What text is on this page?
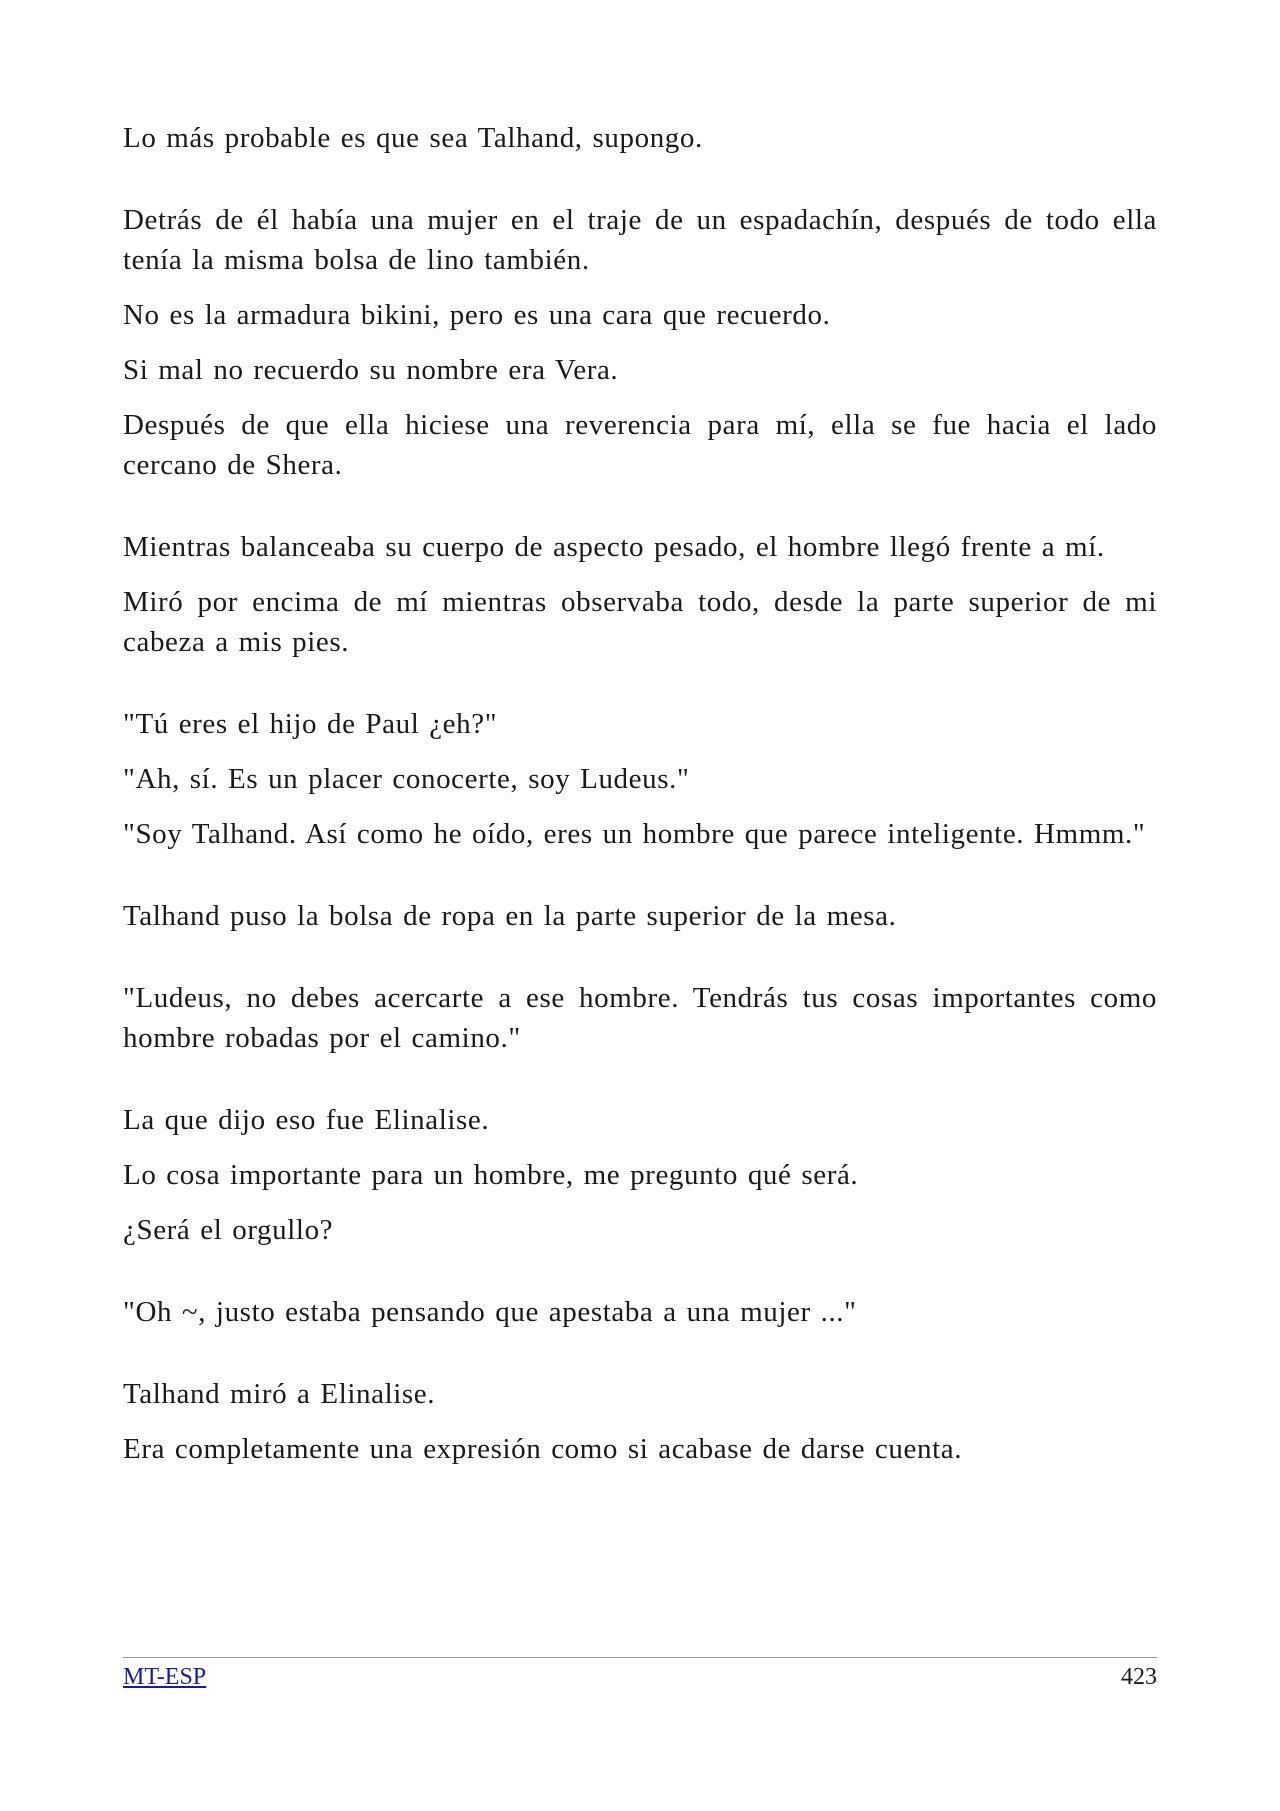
Lo más probable es que sea Talhand, supongo.

Detrás de él había una mujer en el traje de un espadachín, después de todo ella tenía la misma bolsa de lino también.

No es la armadura bikini, pero es una cara que recuerdo.

Si mal no recuerdo su nombre era Vera.

Después de que ella hiciese una reverencia para mí, ella se fue hacia el lado cercano de Shera.

Mientras balanceaba su cuerpo de aspecto pesado, el hombre llegó frente a mí.

Miró por encima de mí mientras observaba todo, desde la parte superior de mi cabeza a mis pies.

"Tú eres el hijo de Paul ¿eh?"

"Ah, sí. Es un placer conocerte, soy Ludeus."

"Soy Talhand. Así como he oído, eres un hombre que parece inteligente. Hmmm."

Talhand puso la bolsa de ropa en la parte superior de la mesa.

"Ludeus, no debes acercarte a ese hombre. Tendrás tus cosas importantes como hombre robadas por el camino."

La que dijo eso fue Elinalise.

Lo cosa importante para un hombre, me pregunto qué será.

¿Será el orgullo?

"Oh ~, justo estaba pensando que apestaba a una mujer ..."

Talhand miró a Elinalise.

Era completamente una expresión como si acabase de darse cuenta.

MT-ESP	423
